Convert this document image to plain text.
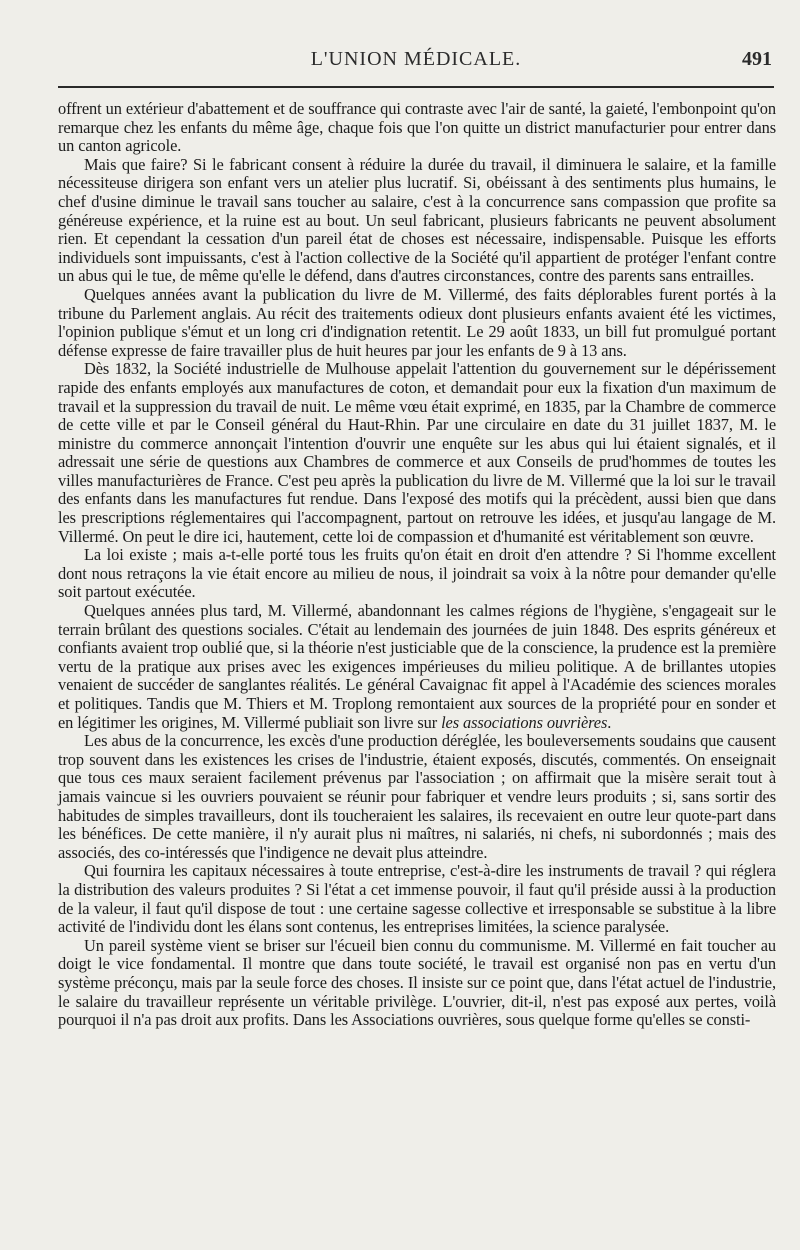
L'UNION MÉDICALE.	491

offrent un extérieur d'abattement et de souffrance qui contraste avec l'air de santé, la gaieté, l'embonpoint qu'on remarque chez les enfants du même âge, chaque fois que l'on quitte un district manufacturier pour entrer dans un canton agricole.

Mais que faire? Si le fabricant consent à réduire la durée du travail, il diminuera le salaire, et la famille nécessiteuse dirigera son enfant vers un atelier plus lucratif. Si, obéissant à des sentiments plus humains, le chef d'usine diminue le travail sans toucher au salaire, c'est à la concurrence sans compassion que profite sa généreuse expérience, et la ruine est au bout. Un seul fabricant, plusieurs fabricants ne peuvent absolument rien. Et cependant la cessation d'un pareil état de choses est nécessaire, indispensable. Puisque les efforts individuels sont impuissants, c'est à l'action collective de la Société qu'il appartient de protéger l'enfant contre un abus qui le tue, de même qu'elle le défend, dans d'autres circonstances, contre des parents sans entrailles.

Quelques années avant la publication du livre de M. Villermé, des faits déplorables furent portés à la tribune du Parlement anglais. Au récit des traitements odieux dont plusieurs enfants avaient été les victimes, l'opinion publique s'émut et un long cri d'indignation retentit. Le 29 août 1833, un bill fut promulgué portant défense expresse de faire travailler plus de huit heures par jour les enfants de 9 à 13 ans.

Dès 1832, la Société industrielle de Mulhouse appelait l'attention du gouvernement sur le dépérissement rapide des enfants employés aux manufactures de coton, et demandait pour eux la fixation d'un maximum de travail et la suppression du travail de nuit. Le même vœu était exprimé, en 1835, par la Chambre de commerce de cette ville et par le Conseil général du Haut-Rhin. Par une circulaire en date du 31 juillet 1837, M. le ministre du commerce annonçait l'intention d'ouvrir une enquête sur les abus qui lui étaient signalés, et il adressait une série de questions aux Chambres de commerce et aux Conseils de prud'hommes de toutes les villes manufacturières de France. C'est peu après la publication du livre de M. Villermé que la loi sur le travail des enfants dans les manufactures fut rendue. Dans l'exposé des motifs qui la précèdent, aussi bien que dans les prescriptions réglementaires qui l'accompagnent, partout on retrouve les idées, et jusqu'au langage de M. Villermé. On peut le dire ici, hautement, cette loi de compassion et d'humanité est véritablement son œuvre.

La loi existe ; mais a-t-elle porté tous les fruits qu'on était en droit d'en attendre ? Si l'homme excellent dont nous retraçons la vie était encore au milieu de nous, il joindrait sa voix à la nôtre pour demander qu'elle soit partout exécutée.

Quelques années plus tard, M. Villermé, abandonnant les calmes régions de l'hygiène, s'engageait sur le terrain brûlant des questions sociales. C'était au lendemain des journées de juin 1848. Des esprits généreux et confiants avaient trop oublié que, si la théorie n'est justiciable que de la conscience, la prudence est la première vertu de la pratique aux prises avec les exigences impérieuses du milieu politique. A de brillantes utopies venaient de succéder de sanglantes réalités. Le général Cavaignac fit appel à l'Académie des sciences morales et politiques. Tandis que M. Thiers et M. Troplong remontaient aux sources de la propriété pour en sonder et en légitimer les origines, M. Villermé publiait son livre sur les associations ouvrières.

Les abus de la concurrence, les excès d'une production déréglée, les bouleversements soudains que causent trop souvent dans les existences les crises de l'industrie, étaient exposés, discutés, commentés. On enseignait que tous ces maux seraient facilement prévenus par l'association ; on affirmait que la misère serait tout à jamais vaincue si les ouvriers pouvaient se réunir pour fabriquer et vendre leurs produits ; si, sans sortir des habitudes de simples travailleurs, dont ils toucheraient les salaires, ils recevaient en outre leur quote-part dans les bénéfices. De cette manière, il n'y aurait plus ni maîtres, ni salariés, ni chefs, ni subordonnés ; mais des associés, des co-intéressés que l'indigence ne devait plus atteindre.

Qui fournira les capitaux nécessaires à toute entreprise, c'est-à-dire les instruments de travail ? qui réglera la distribution des valeurs produites ? Si l'état a cet immense pouvoir, il faut qu'il préside aussi à la production de la valeur, il faut qu'il dispose de tout : une certaine sagesse collective et irresponsable se substitue à la libre activité de l'individu dont les élans sont contenus, les entreprises limitées, la science paralysée.

Un pareil système vient se briser sur l'écueil bien connu du communisme. M. Villermé en fait toucher au doigt le vice fondamental. Il montre que dans toute société, le travail est organisé non pas en vertu d'un système préconçu, mais par la seule force des choses. Il insiste sur ce point que, dans l'état actuel de l'industrie, le salaire du travailleur représente un véritable privilège. L'ouvrier, dit-il, n'est pas exposé aux pertes, voilà pourquoi il n'a pas droit aux profits. Dans les Associations ouvrières, sous quelque forme qu'elles se consti-
